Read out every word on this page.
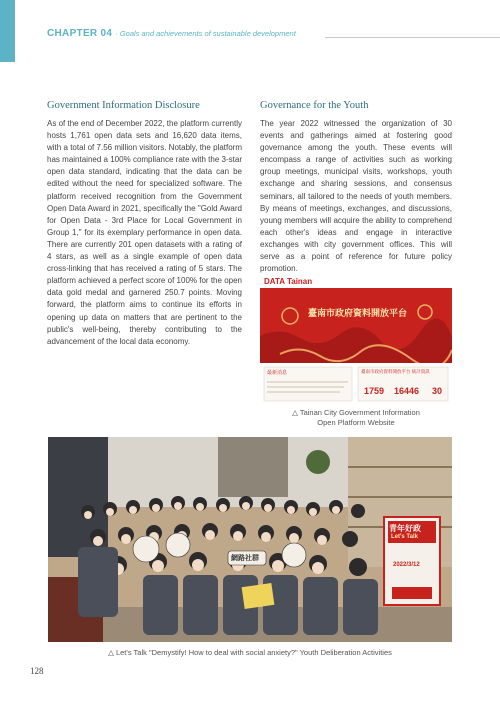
CHAPTER 04 · Goals and achievements of sustainable development
Government Information Disclosure

As of the end of December 2022, the platform currently hosts 1,761 open data sets and 16,620 data items, with a total of 7.56 million visitors. Notably, the platform has maintained a 100% compliance rate with the 3-star open data standard, indicating that the data can be edited without the need for specialized software. The platform received recognition from the Government Open Data Award in 2021, specifically the "Gold Award for Open Data - 3rd Place for Local Government in Group 1," for its exemplary performance in open data. There are currently 201 open datasets with a rating of 4 stars, as well as a single example of open data cross-linking that has received a rating of 5 stars. The platform achieved a perfect score of 100% for the open data gold medal and garnered 250.7 points. Moving forward, the platform aims to continue its efforts in opening up data on matters that are pertinent to the public's well-being, thereby contributing to the advancement of the local data economy.

Governance for the Youth

The year 2022 witnessed the organization of 30 events and gatherings aimed at fostering good governance among the youth. These events will encompass a range of activities such as working group meetings, municipal visits, workshops, youth exchange and sharing sessions, and consensus seminars, all tailored to the needs of youth members. By means of meetings, exchanges, and discussions, young members will acquire the ability to comprehend each other's ideas and engage in interactive exchanges with city government offices. This will serve as a point of reference for future policy promotion.

DATA Tainan
臺南市政府資料開放平台
最新消息	臺南市政府資料開放平台 統計資訊
1759 16446 30
△ Tainan City Government Information
Open Platform Website
青年好政
Let's Talk
2022/3/12
網路社群
△ Let's Talk "Demystify! How to deal with social anxiety?" Youth Deliberation Activities
128
